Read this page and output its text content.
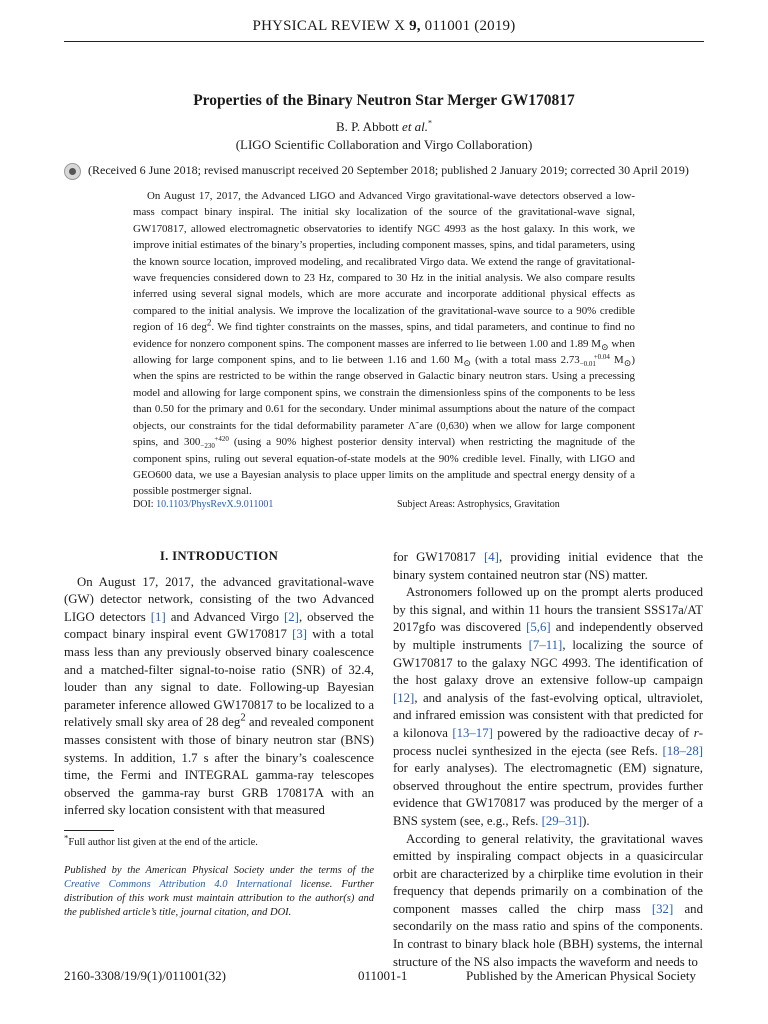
PHYSICAL REVIEW X 9, 011001 (2019)
Properties of the Binary Neutron Star Merger GW170817
B. P. Abbott et al.*
(LIGO Scientific Collaboration and Virgo Collaboration)
(Received 6 June 2018; revised manuscript received 20 September 2018; published 2 January 2019; corrected 30 April 2019)

On August 17, 2017, the Advanced LIGO and Advanced Virgo gravitational-wave detectors observed a low-mass compact binary inspiral. The initial sky localization of the source of the gravitational-wave signal, GW170817, allowed electromagnetic observatories to identify NGC 4993 as the host galaxy. In this work, we improve initial estimates of the binary’s properties, including component masses, spins, and tidal parameters, using the known source location, improved modeling, and recalibrated Virgo data. We extend the range of gravitational-wave frequencies considered down to 23 Hz, compared to 30 Hz in the initial analysis. We also compare results inferred using several signal models, which are more accurate and incorporate additional physical effects as compared to the initial analysis. We improve the localization of the gravitational-wave source to a 90% credible region of 16 deg$^2$. We find tighter constraints on the masses, spins, and tidal parameters, and continue to find no evidence for nonzero component spins. The component masses are inferred to lie between 1.00 and 1.89 $M_⊙$ when allowing for large component spins, and to lie between 1.16 and 1.60 $M_⊙$ (with a total mass 2.73 +0.04
−0.01 $M_⊙$) when the spins are restricted to be within the range observed in Galactic binary neutron stars. Using a precessing model and allowing for large component spins, we constrain the dimensionless spins of the components to be less than 0.50 for the primary and 0.61 for the secondary. Under minimal assumptions about the nature of the compact objects, our constraints for the tidal deformability parameter Λ̃ are (0,630) when we allow for large component spins, and 300 +420
−230 (using a 90% highest posterior density interval) when restricting the magnitude of the component spins, ruling out several equation-of-state models at the 90% credible level. Finally, with LIGO and GEO600 data, we use a Bayesian analysis to place upper limits on the amplitude and spectral energy density of a possible postmerger signal.

DOI: 10.1103/PhysRevX.9.011001	Subject Areas: Astrophysics, Gravitation
I. INTRODUCTION

On August 17, 2017, the advanced gravitational-wave (GW) detector network, consisting of the two Advanced LIGO detectors [1] and Advanced Virgo [2], observed the compact binary inspiral event GW170817 [3] with a total mass less than any previously observed binary coalescence and a matched-filter signal-to-noise ratio (SNR) of 32.4, louder than any signal to date. Following-up Bayesian parameter inference allowed GW170817 to be localized to a relatively small sky area of 28 deg$^2$ and revealed component masses consistent with those of binary neutron star (BNS) systems. In addition, 1.7 s after the binary’s coalescence time, the Fermi and INTEGRAL gamma-ray telescopes observed the gamma-ray burst GRB 170817A with an inferred sky location consistent with that measured

for GW170817 [4], providing initial evidence that the binary system contained neutron star (NS) matter.

Astronomers followed up on the prompt alerts produced by this signal, and within 11 hours the transient SSS17a/AT 2017gfo was discovered [5,6] and independently observed by multiple instruments [7–11], localizing the source of GW170817 to the galaxy NGC 4993. The identification of the host galaxy drove an extensive follow-up campaign [12], and analysis of the fast-evolving optical, ultraviolet, and infrared emission was consistent with that predicted for a kilonova [13–17] powered by the radioactive decay of r-process nuclei synthesized in the ejecta (see Refs. [18–28] for early analyses). The electromagnetic (EM) signature, observed throughout the entire spectrum, provides further evidence that GW170817 was produced by the merger of a BNS system (see, e.g., Refs. [29–31]).

According to general relativity, the gravitational waves emitted by inspiraling compact objects in a quasicircular orbit are characterized by a chirplike time evolution in their frequency that depends primarily on a combination of the component masses called the chirp mass [32] and secondarily on the mass ratio and spins of the components. In contrast to binary black hole (BBH) systems, the internal structure of the NS also impacts the waveform and needs to

*Full author list given at the end of the article.
Published by the American Physical Society under the terms of the Creative Commons Attribution 4.0 International license. Further distribution of this work must maintain attribution to the author(s) and the published article’s title, journal citation, and DOI.
2160-3308/19/9(1)/011001(32)	011001-1	Published by the American Physical Society
